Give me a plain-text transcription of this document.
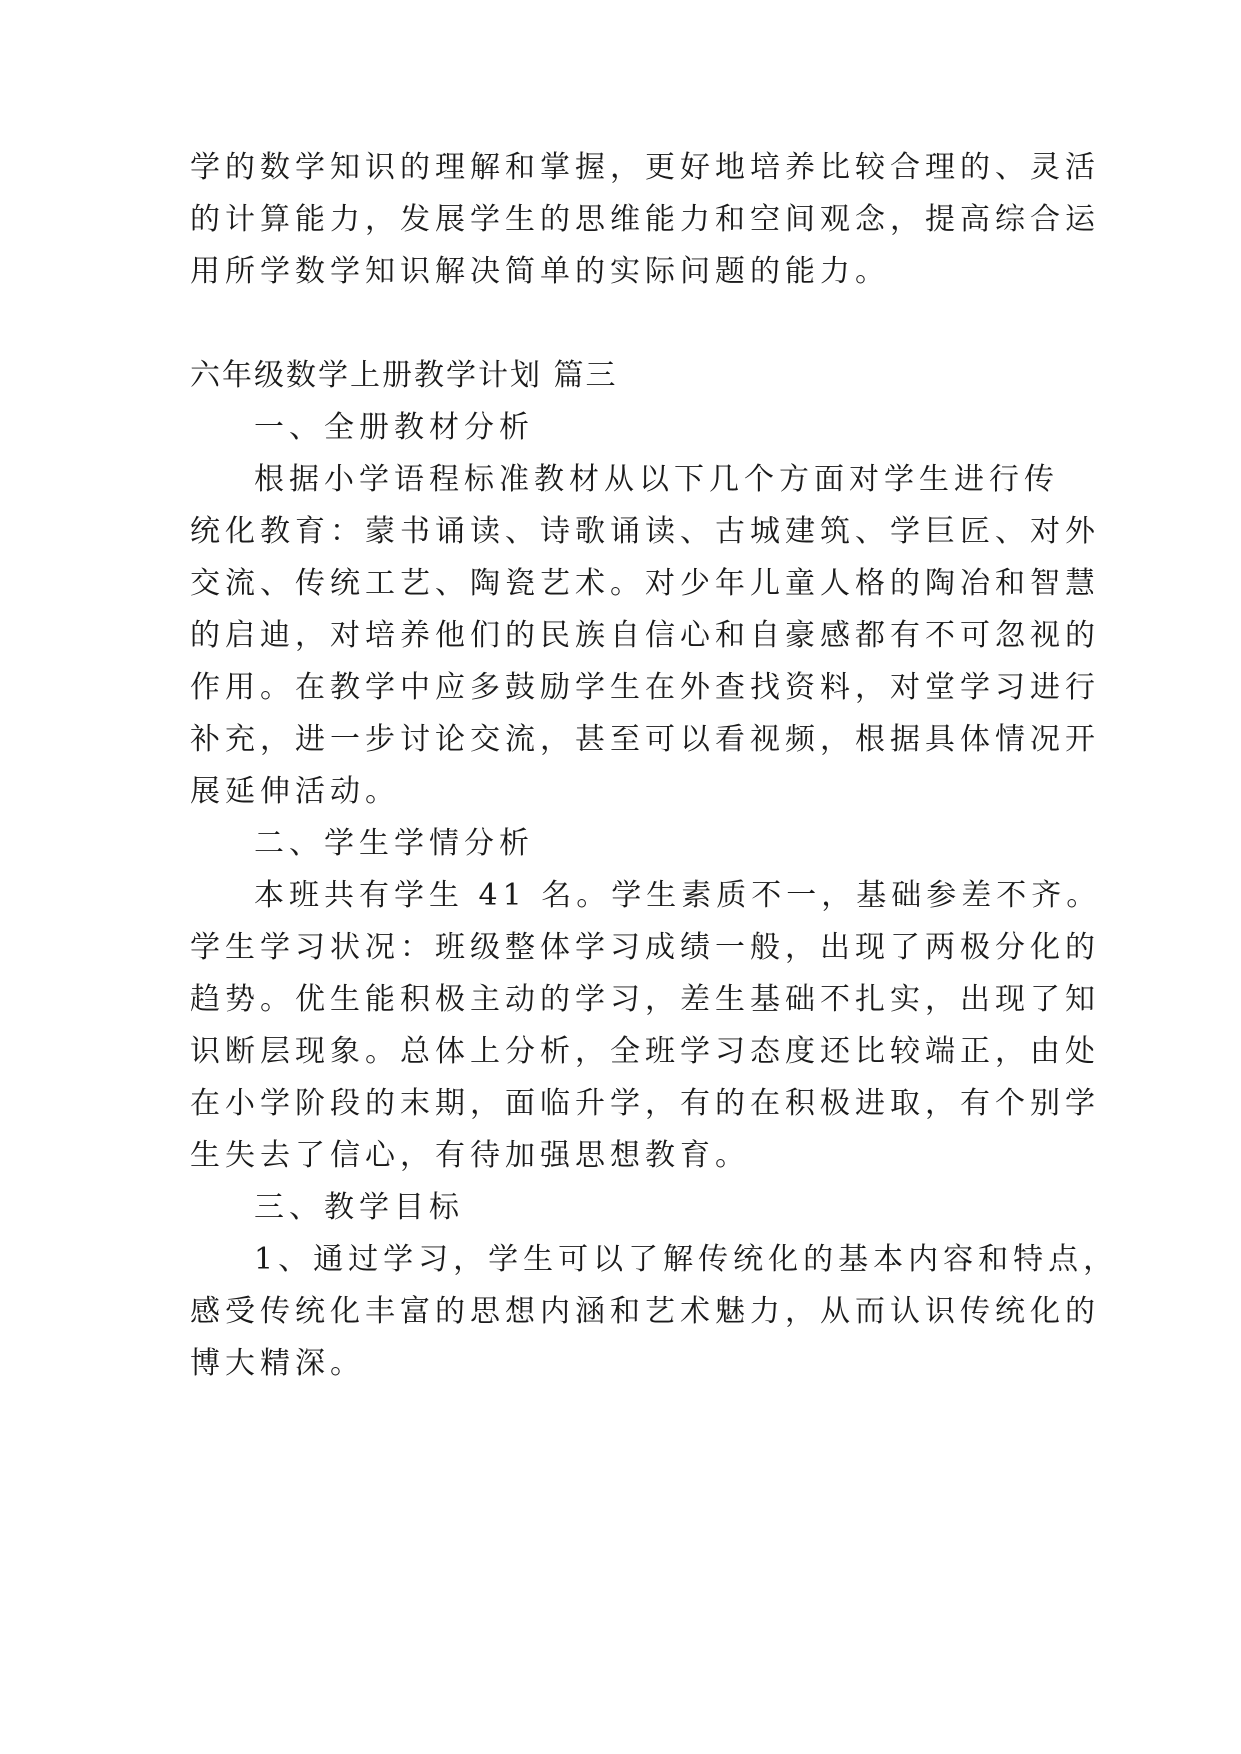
学的数学知识的理解和掌握，更好地培养比较合理的、灵活
的计算能力，发展学生的思维能力和空间观念，提高综合运
用所学数学知识解决简单的实际问题的能力。
六年级数学上册教学计划 篇三
一、全册教材分析
根据小学语程标准教材从以下几个方面对学生进行传
统化教育：蒙书诵读、诗歌诵读、古城建筑、学巨匠、对外
交流、传统工艺、陶瓷艺术。对少年儿童人格的陶冶和智慧
的启迪，对培养他们的民族自信心和自豪感都有不可忽视的
作用。在教学中应多鼓励学生在外查找资料，对堂学习进行
补充，进一步讨论交流，甚至可以看视频，根据具体情况开
展延伸活动。
二、学生学情分析
本班共有学生 41 名。学生素质不一，基础参差不齐。
学生学习状况：班级整体学习成绩一般，出现了两极分化的
趋势。优生能积极主动的学习，差生基础不扎实，出现了知
识断层现象。总体上分析，全班学习态度还比较端正，由处
在小学阶段的末期，面临升学，有的在积极进取，有个别学
生失去了信心，有待加强思想教育。
三、教学目标
1、通过学习，学生可以了解传统化的基本内容和特点，
感受传统化丰富的思想内涵和艺术魅力，从而认识传统化的
博大精深。
